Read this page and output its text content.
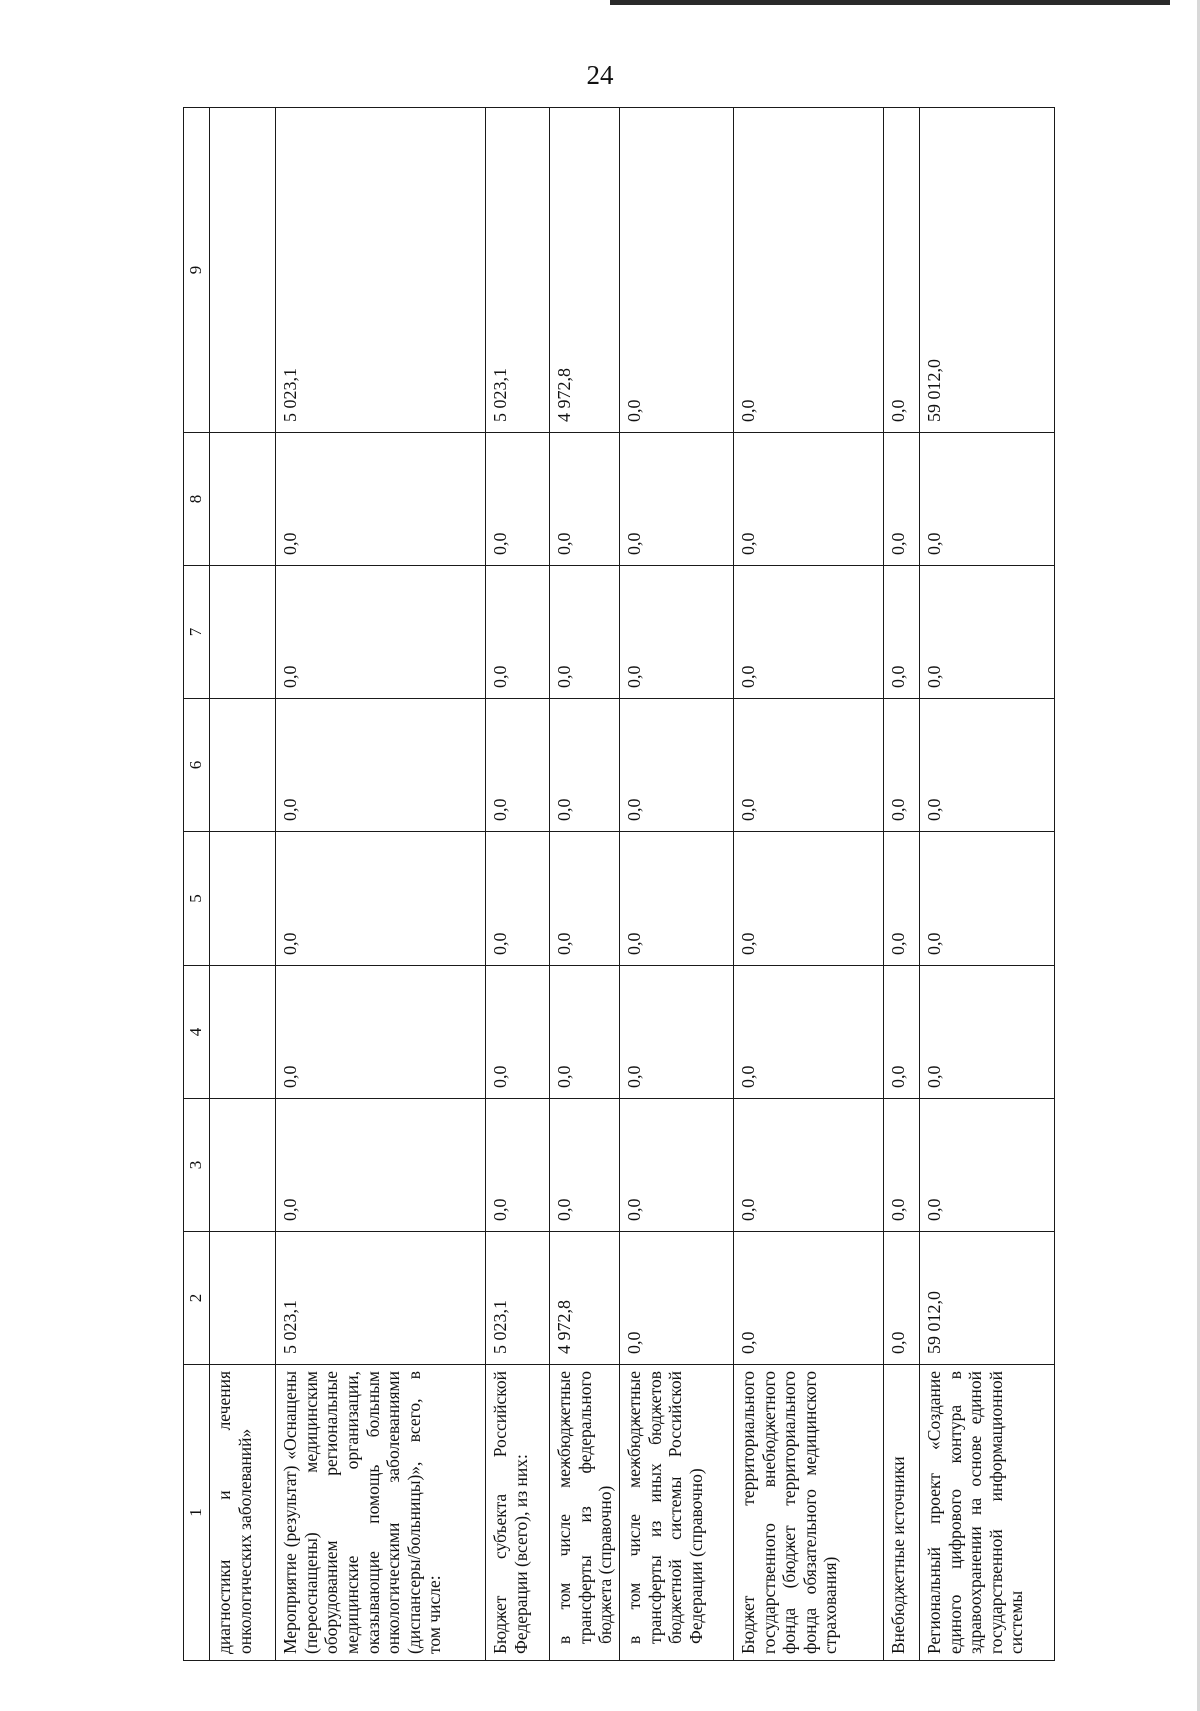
24
1	2	3	4	5	6	7	8	9
диагностики и лечения онкологических заболеваний»								
Мероприятие (результат) «Оснащены (переоснащены) медицинским оборудованием региональные медицинские организации, оказывающие помощь больным онкологическими заболеваниями (диспансеры/больницы)», всего, в том числе:	5 023,1	0,0	0,0	0,0	0,0	0,0	0,0	5 023,1
Бюджет субъекта Российской Федерации (всего), из них:	5 023,1	0,0	0,0	0,0	0,0	0,0	0,0	5 023,1
в том числе межбюджетные трансферты из федерального бюджета (справочно)	4 972,8	0,0	0,0	0,0	0,0	0,0	0,0	4 972,8
в том числе межбюджетные трансферты из иных бюджетов бюджетной системы Российской Федерации (справочно)	0,0	0,0	0,0	0,0	0,0	0,0	0,0	0,0
Бюджет территориального государственного внебюджетного фонда (бюджет территориального фонда обязательного медицинского страхования)	0,0	0,0	0,0	0,0	0,0	0,0	0,0	0,0
Внебюджетные источники	0,0	0,0	0,0	0,0	0,0	0,0	0,0	0,0
Региональный проект «Создание единого цифрового контура в здравоохранении на основе единой государственной информационной системы	59 012,0	0,0	0,0	0,0	0,0	0,0	0,0	59 012,0
